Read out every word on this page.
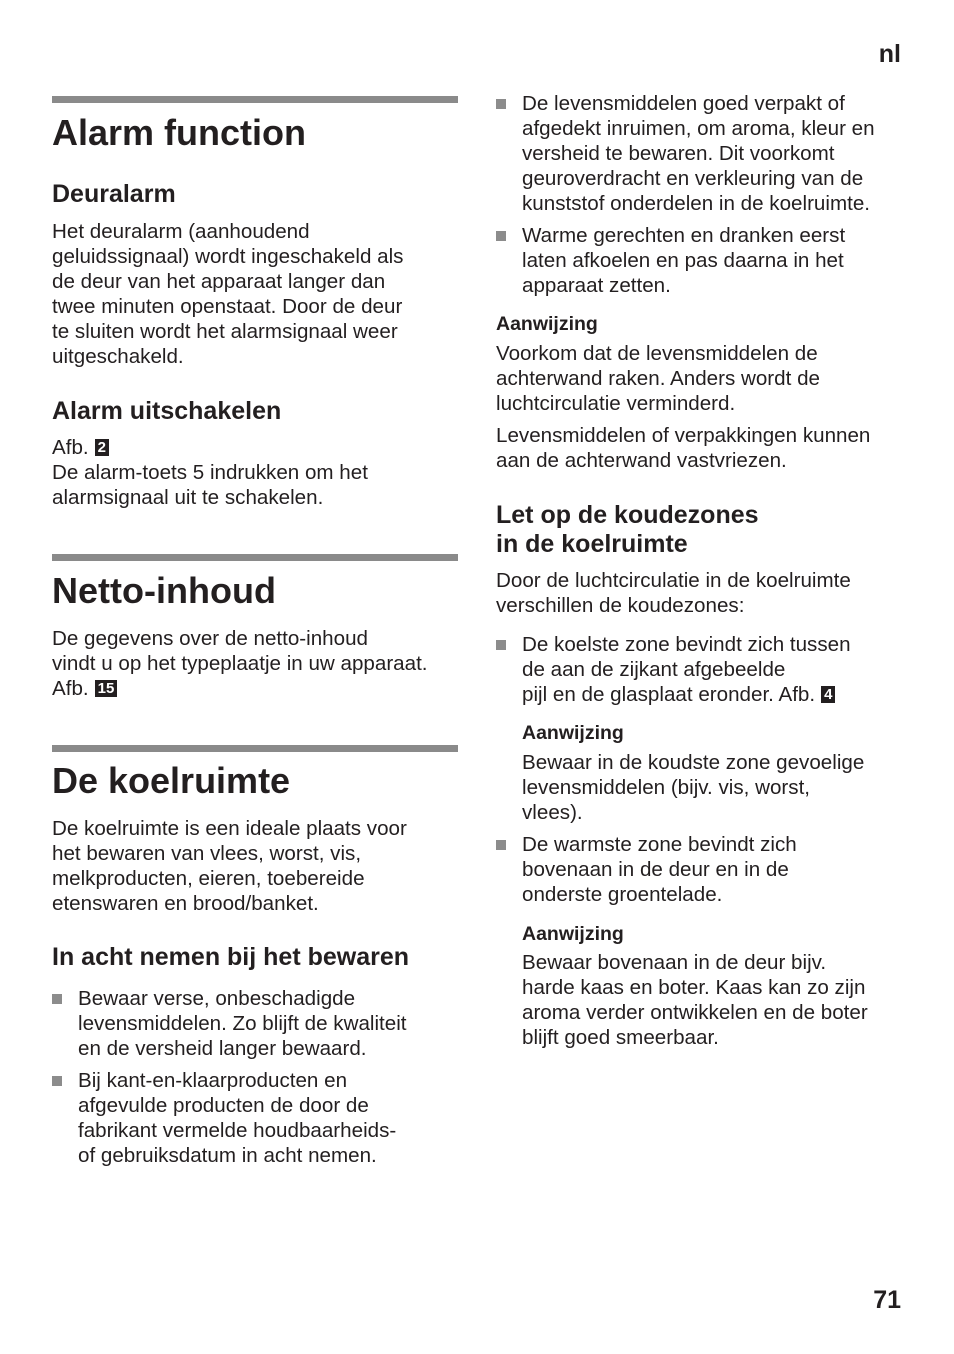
nl
71
Alarm function
Deuralarm
Het deuralarm (aanhoudend
geluidssignaal) wordt ingeschakeld als
de deur van het apparaat langer dan
twee minuten openstaat. Door de deur
te sluiten wordt het alarmsignaal weer
uitgeschakeld.
Alarm uitschakelen
Afb. 2
De alarm-toets 5 indrukken om het
alarmsignaal uit te schakelen.
Netto-inhoud
De gegevens over de netto-inhoud
vindt u op het typeplaatje in uw apparaat.
Afb. 15
De koelruimte
De koelruimte is een ideale plaats voor
het bewaren van vlees, worst, vis,
melkproducten, eieren, toebereide
etenswaren en brood/banket.
In acht nemen bij het bewaren
Bewaar verse, onbeschadigde
levensmiddelen. Zo blijft de kwaliteit
en de versheid langer bewaard.
Bij kant-en-klaarproducten en
afgevulde producten de door de
fabrikant vermelde houdbaarheids-
of gebruiksdatum in acht nemen.
De levensmiddelen goed verpakt of
afgedekt inruimen, om aroma, kleur en
versheid te bewaren. Dit voorkomt
geuroverdracht en verkleuring van de
kunststof onderdelen in de koelruimte.
Warme gerechten en dranken eerst
laten afkoelen en pas daarna in het
apparaat zetten.
Aanwijzing
Voorkom dat de levensmiddelen de
achterwand raken. Anders wordt de
luchtcirculatie verminderd.
Levensmiddelen of verpakkingen kunnen
aan de achterwand vastvriezen.
Let op de koudezones
in de koelruimte
Door de luchtcirculatie in de koelruimte
verschillen de koudezones:
De koelste zone bevindt zich tussen
de aan de zijkant afgebeelde
pijl en de glasplaat eronder. Afb. 4
Aanwijzing
Bewaar in de koudste zone gevoelige
levensmiddelen (bijv. vis, worst,
vlees).
De warmste zone bevindt zich
bovenaan in de deur en in de
onderste groentelade.
Aanwijzing
Bewaar bovenaan in de deur bijv.
harde kaas en boter. Kaas kan zo zijn
aroma verder ontwikkelen en de boter
blijft goed smeerbaar.
